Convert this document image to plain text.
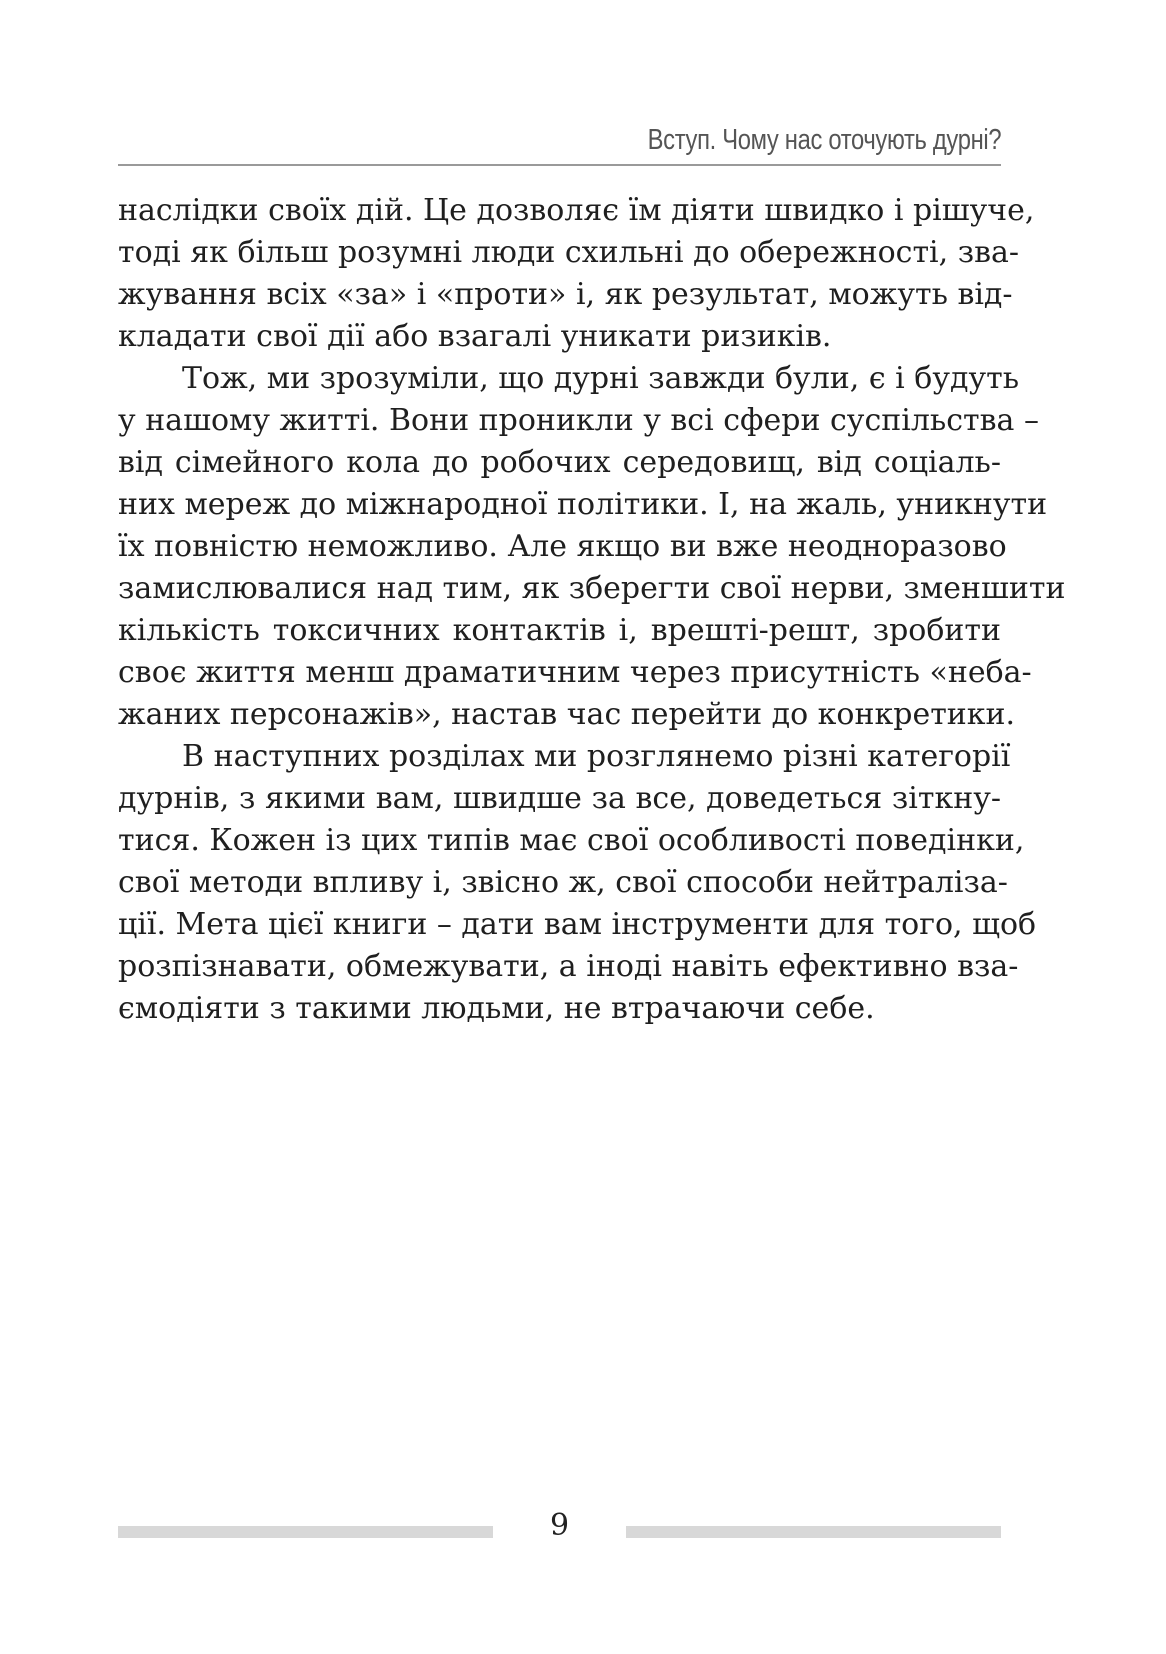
Вступ. Чому нас оточують дурні?

наслідки своїх дій. Це дозволяє їм діяти швидко і рішуче,
тоді як більш розумні люди схильні до обережності, зва-
жування всіх «за» і «проти» і, як результат, можуть від-
кладати свої дії або взагалі уникати ризиків.

Тож, ми зрозуміли, що дурні завжди були, є і будуть
у нашому житті. Вони проникли у всі сфери суспільства –
від сімейного кола до робочих середовищ, від соціаль-
них мереж до міжнародної політики. І, на жаль, уникнути
їх повністю неможливо. Але якщо ви вже неодноразово
замислювалися над тим, як зберегти свої нерви, зменшити
кількість токсичних контактів і, врешті-решт, зробити
своє життя менш драматичним через присутність «неба-
жаних персонажів», настав час перейти до конкретики.

В наступних розділах ми розглянемо різні категорії
дурнів, з якими вам, швидше за все, доведеться зіткну-
тися. Кожен із цих типів має свої особливості поведінки,
свої методи впливу і, звісно ж, свої способи нейтраліза-
ції. Мета цієї книги – дати вам інструменти для того, щоб
розпізнавати, обмежувати, а іноді навіть ефективно вза-
ємодіяти з такими людьми, не втрачаючи себе.

9
